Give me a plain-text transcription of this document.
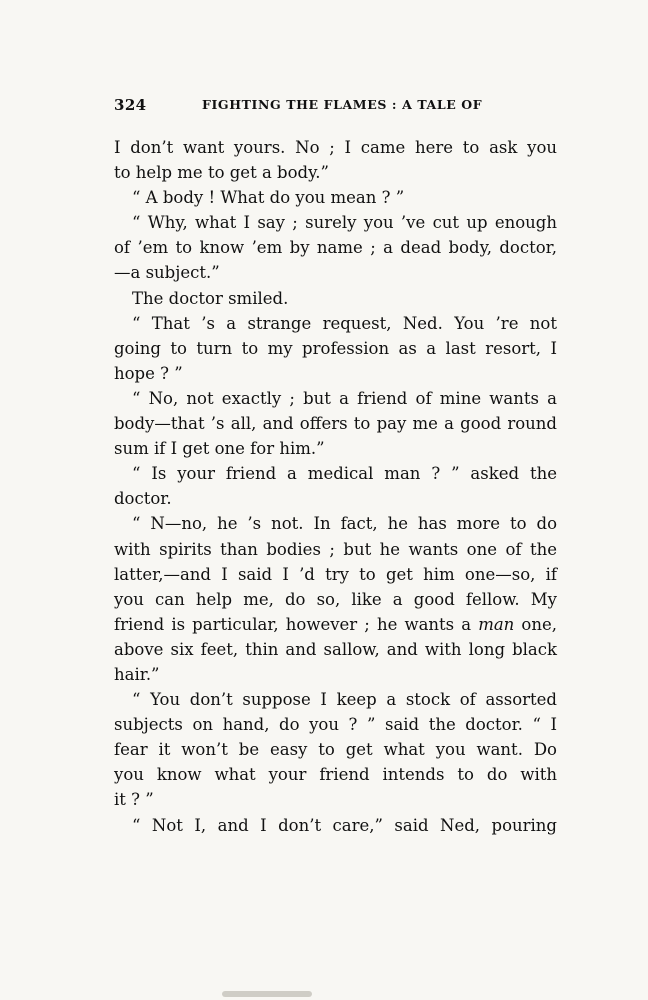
324	FIGHTING THE FLAMES : A TALE OF
I don’t want yours. No ; I came here to ask you
to help me to get a body.”
“ A body ! What do you mean ? ”
“ Why, what I say ; surely you ’ve cut up enough
of ’em to know ’em by name ; a dead body, doctor,
—a subject.”
The doctor smiled.
“ That ’s a strange request, Ned. You ’re not
going to turn to my profession as a last resort, I
hope ? ”
“ No, not exactly ; but a friend of mine wants a
body—that ’s all, and offers to pay me a good round
sum if I get one for him.”
“ Is your friend a medical man ? ” asked the
doctor.
“ N—no, he ’s not. In fact, he has more to do
with spirits than bodies ; but he wants one of the
latter,—and I said I ’d try to get him one—so, if
you can help me, do so, like a good fellow. My
friend is particular, however ; he wants a man one,
above six feet, thin and sallow, and with long black
hair.”
“ You don’t suppose I keep a stock of assorted
subjects on hand, do you ? ” said the doctor. “ I
fear it won’t be easy to get what you want. Do
you know what your friend intends to do with
it ? ”
“ Not I, and I don’t care,” said Ned, pouring
